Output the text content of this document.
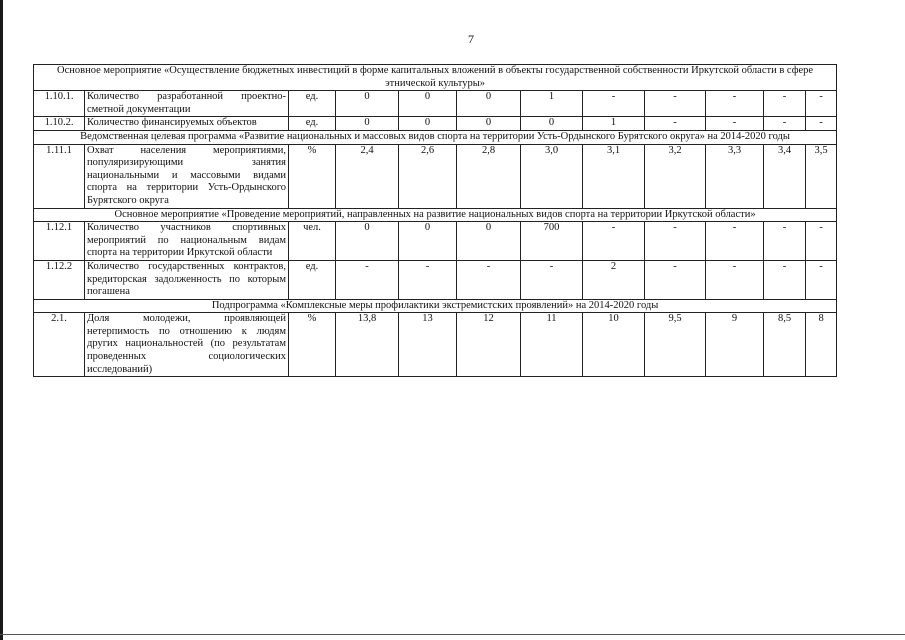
7
Основное мероприятие «Осуществление бюджетных инвестиций в форме капитальных вложений в объекты государственной собственности Иркутской области в сфере этнической культуры»											
1.10.1.	Количество разработанной проектно-сметной документации	ед.	0	0	0	1	-	-	-	-	-
1.10.2.	Количество финансируемых объектов	ед.	0	0	0	0	1	-	-	-	-
Ведомственная целевая программа «Развитие национальных и массовых видов спорта на территории Усть-Ордынского Бурятского округа» на 2014-2020 годы											
1.11.1	Охват населения мероприятиями, популяризирующими занятия национальными и массовыми видами спорта на территории Усть-Ордынского Бурятского округа	%	2,4	2,6	2,8	3,0	3,1	3,2	3,3	3,4	3,5
Основное мероприятие «Проведение мероприятий, направленных на развитие национальных видов спорта на территории Иркутской области»											
1.12.1	Количество участников спортивных мероприятий по национальным видам спорта на территории Иркутской области	чел.	0	0	0	700	-	-	-	-	-
1.12.2	Количество государственных контрактов, кредиторская задолженность по которым погашена	ед.	-	-	-	-	2	-	-	-	-
Подпрограмма «Комплексные меры профилактики экстремистских проявлений» на 2014-2020 годы											
2.1.	Доля молодежи, проявляющей нетерпимость по отношению к людям других национальностей (по результатам проведенных социологических исследований)	%	13,8	13	12	11	10	9,5	9	8,5	8
